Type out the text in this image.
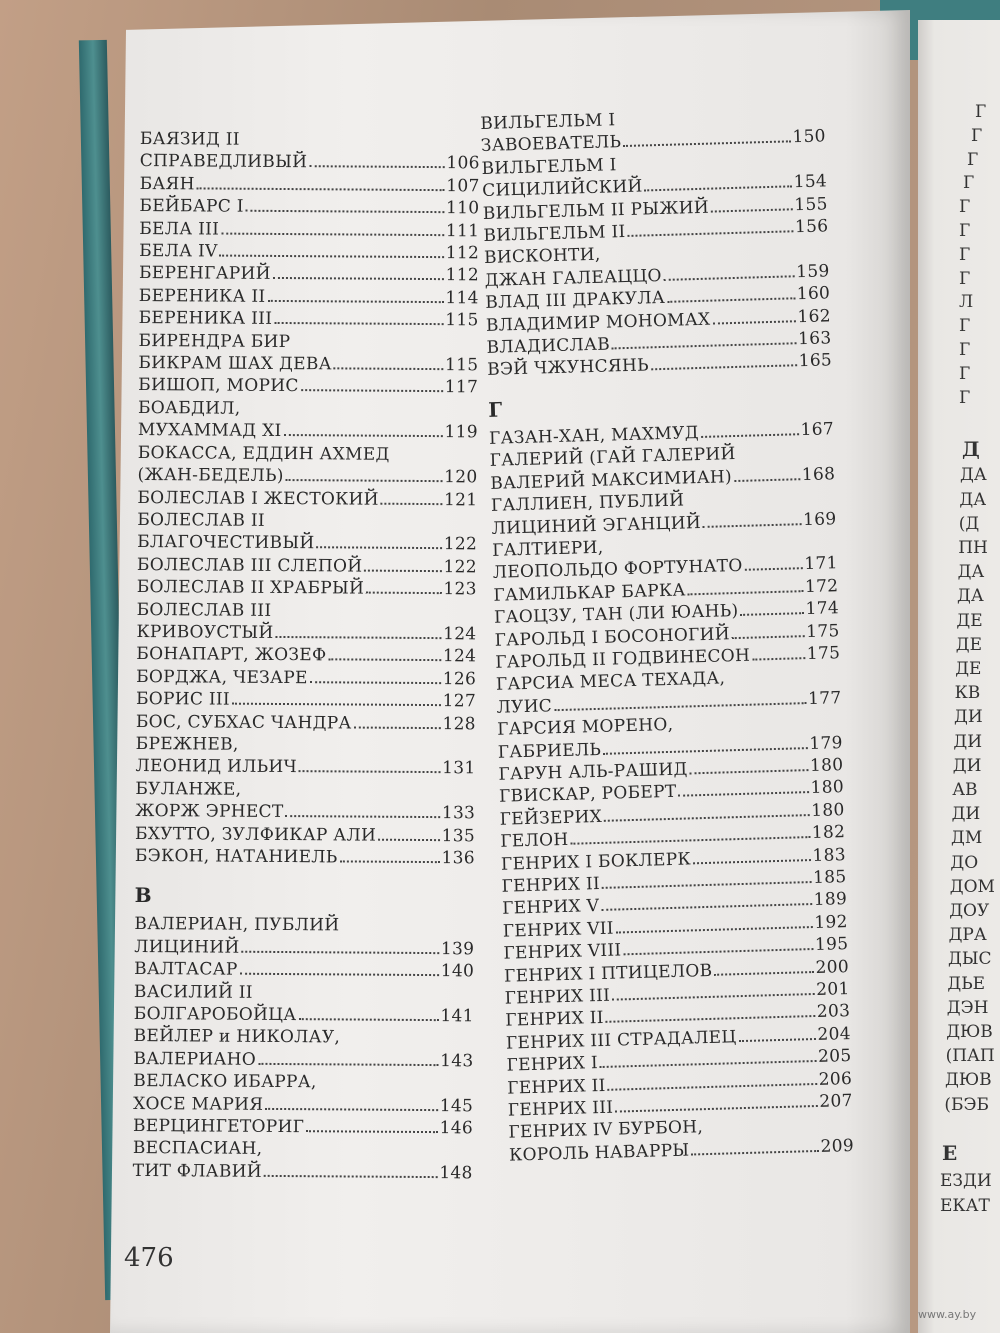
БАЯЗИД II
СПРАВЕДЛИВЫЙ	106
БАЯН	107
БЕЙБАРС I	110
БЕЛА III	111
БЕЛА IV	112
БЕРЕНГАРИЙ	112
БЕРЕНИКА II	114
БЕРЕНИКА III	115
БИРЕНДРА БИР
БИКРАМ ШАХ ДЕВА	115
БИШОП, МОРИС	117
БОАБДИЛ,
МУХАММАД XI	119
БОКАССА, ЕДДИН АХМЕД
(ЖАН-БЕДЕЛЬ)	120
БОЛЕСЛАВ I ЖЕСТОКИЙ	121
БОЛЕСЛАВ II
БЛАГОЧЕСТИВЫЙ	122
БОЛЕСЛАВ III СЛЕПОЙ	122
БОЛЕСЛАВ II ХРАБРЫЙ	123
БОЛЕСЛАВ III
КРИВОУСТЫЙ	124
БОНАПАРТ, ЖОЗЕФ	124
БОРДЖА, ЧЕЗАРЕ	126
БОРИС III	127
БОС, СУБХАС ЧАНДРА	128
БРЕЖНЕВ,
ЛЕОНИД ИЛЬИЧ	131
БУЛАНЖЕ,
ЖОРЖ ЭРНЕСТ	133
БХУТТО, ЗУЛФИКАР АЛИ	135
БЭКОН, НАТАНИЕЛЬ	136
В
ВАЛЕРИАН, ПУБЛИЙ
ЛИЦИНИЙ	139
ВАЛТАСАР	140
ВАСИЛИЙ II
БОЛГАРОБОЙЦА	141
ВЕЙЛЕР и НИКОЛАУ,
ВАЛЕРИАНО	143
ВЕЛАСКО ИБАРРА,
ХОСЕ МАРИЯ	145
ВЕРЦИНГЕТОРИГ	146
ВЕСПАСИАН,
ТИТ ФЛАВИЙ	148
ВИЛЬГЕЛЬМ I
ЗАВОЕВАТЕЛЬ	150
ВИЛЬГЕЛЬМ I
СИЦИЛИЙСКИЙ	154
ВИЛЬГЕЛЬМ II РЫЖИЙ	155
ВИЛЬГЕЛЬМ II	156
ВИСКОНТИ,
ДЖАН ГАЛЕАЦЦО	159
ВЛАД III ДРАКУЛА	160
ВЛАДИМИР МОНОМАХ	162
ВЛАДИСЛАВ	163
ВЭЙ ЧЖУНСЯНЬ	165
Г
ГАЗАН-ХАН, МАХМУД	167
ГАЛЕРИЙ (ГАЙ ГАЛЕРИЙ
ВАЛЕРИЙ МАКСИМИАН)	168
ГАЛЛИЕН, ПУБЛИЙ
ЛИЦИНИЙ ЭГАНЦИЙ	169
ГАЛТИЕРИ,
ЛЕОПОЛЬДО ФОРТУНАТО	171
ГАМИЛЬКАР БАРКА	172
ГАОЦЗУ, ТАН (ЛИ ЮАНЬ)	174
ГАРОЛЬД I БОСОНОГИЙ	175
ГАРОЛЬД II ГОДВИНЕСОН	175
ГАРСИА МЕСА ТЕХАДА,
ЛУИС	177
ГАРСИЯ МОРЕНО,
ГАБРИЕЛЬ	179
ГАРУН АЛЬ-РАШИД	180
ГВИСКАР, РОБЕРТ	180
ГЕЙЗЕРИХ	180
ГЕЛОН	182
ГЕНРИХ I БОКЛЕРК	183
ГЕНРИХ II	185
ГЕНРИХ V	189
ГЕНРИХ VII	192
ГЕНРИХ VIII	195
ГЕНРИХ I ПТИЦЕЛОВ	200
ГЕНРИХ III	201
ГЕНРИХ II	203
ГЕНРИХ III СТРАДАЛЕЦ	204
ГЕНРИХ I	205
ГЕНРИХ II	206
ГЕНРИХ III	207
ГЕНРИХ IV БУРБОН,
КОРОЛЬ НАВАРРЫ	209
476
Г
Г
Г
Г
Г
Г
Г
Г
Л
Г
Г
Г
Г
Д
ДА
ДА
(Д
ПН
ДА
ДА
ДЕ
ДЕ
ДЕ
КВ
ДИ
ДИ
ДИ
АВ
ДИ
ДМ
ДО
ДОМ
ДОУ
ДРА
ДЫС
ДЬЕ
ДЭН
ДЮВ
(ПАП
ДЮВ
(БЭБ
Е
ЕЗДИ
ЕКАТ
www.ay.by
